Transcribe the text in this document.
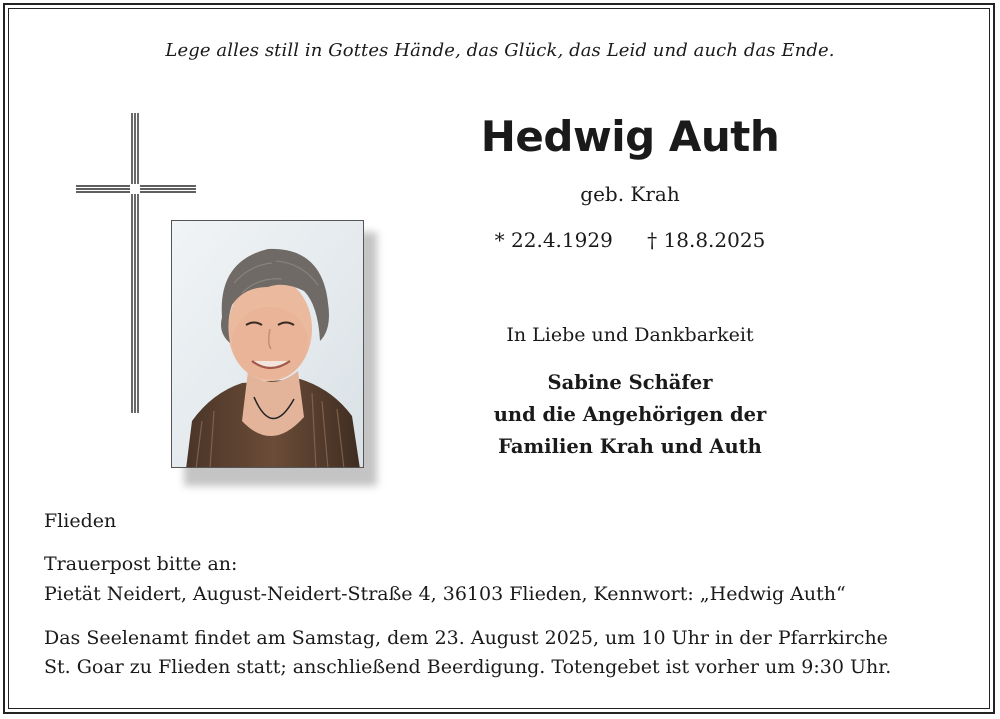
Lege alles still in Gottes Hände, das Glück, das Leid und auch das Ende.
Hedwig Auth
geb. Krah
* 22.4.1929 † 18.8.2025
In Liebe und Dankbarkeit
Sabine Schäfer
und die Angehörigen der
Familien Krah und Auth
Flieden
Trauerpost bitte an:
Pietät Neidert, August-Neidert-Straße 4, 36103 Flieden, Kennwort: „Hedwig Auth“
Das Seelenamt findet am Samstag, dem 23. August 2025, um 10 Uhr in der Pfarrkirche
St. Goar zu Flieden statt; anschließend Beerdigung. Totengebet ist vorher um 9:30 Uhr.
